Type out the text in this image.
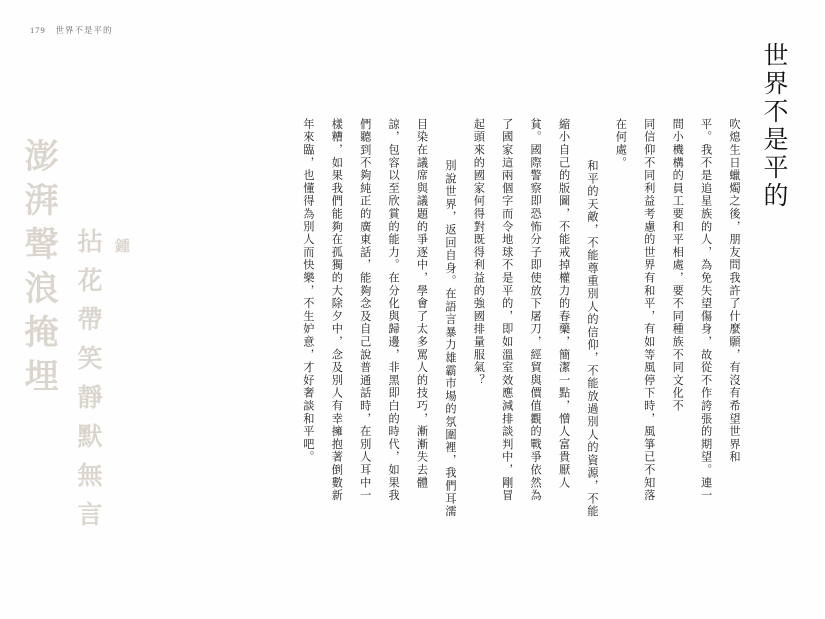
179 世界不是平的
世界不是平的
吹熄生日蠟燭之後，朋友問我許了什麼願，有沒有希望世界和
平。我不是追星族的人，為免失望傷身，故從不作誇張的期望。連一
間小機構的員工要和平相處，要不同種族不同文化不
同信仰不同利益考慮的世界有和平，有如等風停下時，風箏已不知落
在何處。
　　和平的天敵，不能尊重別人的信仰，不能放過別人的資源，不能
縮小自己的版圖，不能戒掉權力的春藥，簡潔一點，憎人富貴厭人
貧。國際警察即恐怖分子即使放下屠刀，經貿與價值觀的戰爭依然為
了國家這兩個字而令地球不是平的，即如溫室效應減排談判中，剛冒
起頭來的國家何得對既得利益的強國排量服氣？
　　別說世界，返回自身。在語言暴力雄霸市場的氛圍裡，我們耳濡
目染在議席與議題的爭逐中，學會了太多罵人的技巧，漸漸失去體
諒，包容以至欣賞的能力。在分化與歸邊，非黑即白的時代，如果我
們聽到不夠純正的廣東話，能夠念及自己說普通話時，在別人耳中一
樣糟，如果我們能夠在孤獨的大除夕中，念及別人有幸擁抱著倒數新
年來臨，也懂得為別人而快樂，不生妒意，才好奢談和平吧。
澎湃聲浪掩埋 拈花帶笑靜默無言 鍾
